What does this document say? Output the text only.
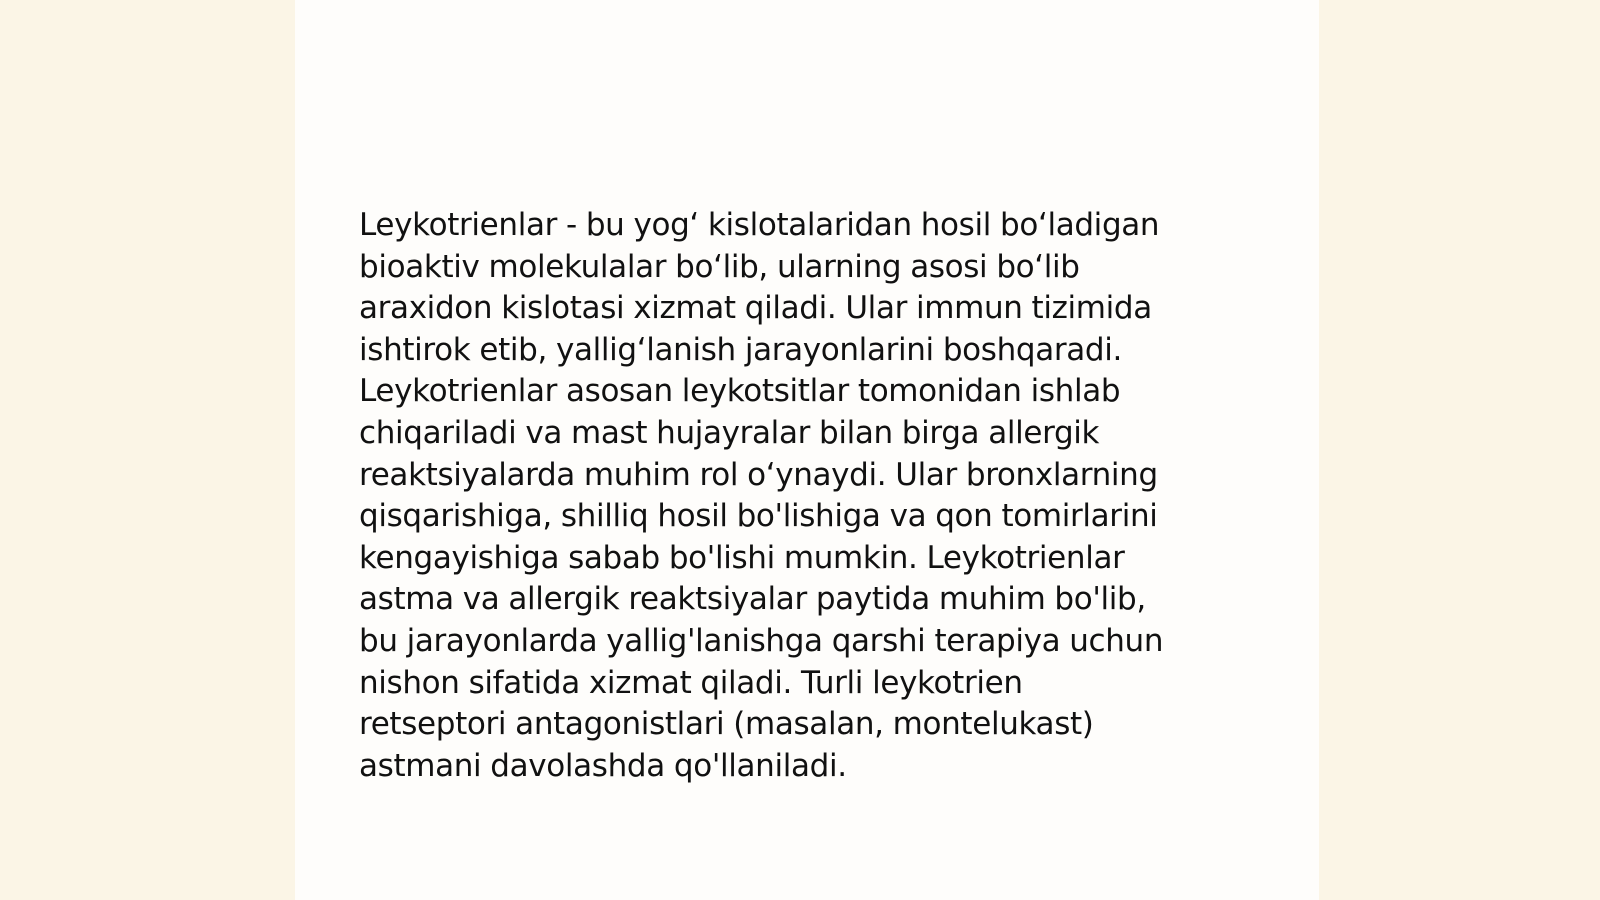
Leykotrienlar - bu yog‘ kislotalaridan hosil bo‘ladigan
bioaktiv molekulalar bo‘lib, ularning asosi bo‘lib
araxidon kislotasi xizmat qiladi. Ular immun tizimida
ishtirok etib, yallig‘lanish jarayonlarini boshqaradi.
Leykotrienlar asosan leykotsitlar tomonidan ishlab
chiqariladi va mast hujayralar bilan birga allergik
reaktsiyalarda muhim rol o‘ynaydi. Ular bronxlarning
qisqarishiga, shilliq hosil bo'lishiga va qon tomirlarini
kengayishiga sabab bo'lishi mumkin. Leykotrienlar
astma va allergik reaktsiyalar paytida muhim bo'lib,
bu jarayonlarda yallig'lanishga qarshi terapiya uchun
nishon sifatida xizmat qiladi. Turli leykotrien
retseptori antagonistlari (masalan, montelukast)
astmani davolashda qo'llaniladi.
